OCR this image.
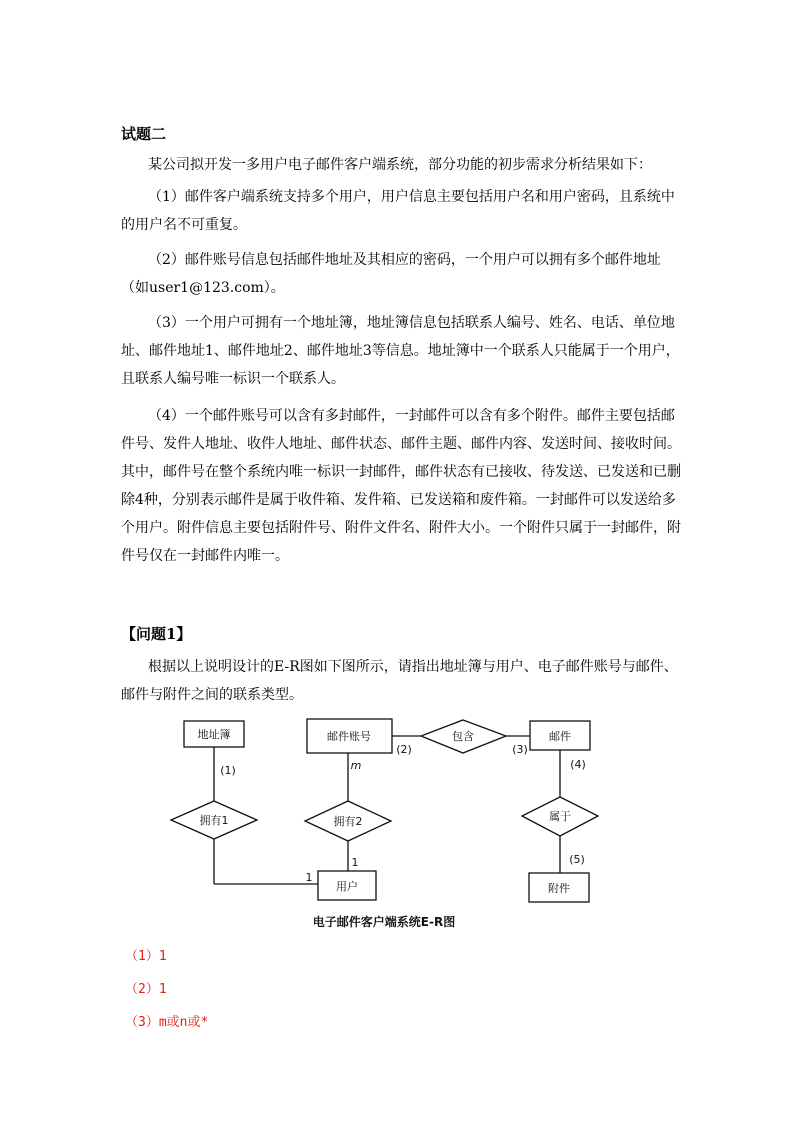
试题二
某公司拟开发一多用户电子邮件客户端系统，部分功能的初步需求分析结果如下：
（1）邮件客户端系统支持多个用户，用户信息主要包括用户名和用户密码，且系统中的用户名不可重复。
（2）邮件账号信息包括邮件地址及其相应的密码，一个用户可以拥有多个邮件地址（如user1@123.com）。
（3）一个用户可拥有一个地址簿，地址簿信息包括联系人编号、姓名、电话、单位地址、邮件地址1、邮件地址2、邮件地址3等信息。地址簿中一个联系人只能属于一个用户，且联系人编号唯一标识一个联系人。
（4）一个邮件账号可以含有多封邮件，一封邮件可以含有多个附件。邮件主要包括邮件号、发件人地址、收件人地址、邮件状态、邮件主题、邮件内容、发送时间、接收时间。其中，邮件号在整个系统内唯一标识一封邮件，邮件状态有已接收、待发送、已发送和已删除4种，分别表示邮件是属于收件箱、发件箱、已发送箱和废件箱。一封邮件可以发送给多个用户。附件信息主要包括附件号、附件文件名、附件大小。一个附件只属于一封邮件，附件号仅在一封邮件内唯一。
【问题1】
根据以上说明设计的E-R图如下图所示，请指出地址簿与用户、电子邮件账号与邮件、邮件与附件之间的联系类型。
地址簿	邮件账号	邮件
用户	附件
拥有1	拥有2
包含
属于
(1)
(2)	(3)
(4)
(5)
m
1
1
电子邮件客户端系统E-R图
（1）1
（2）1
（3）m或n或*
